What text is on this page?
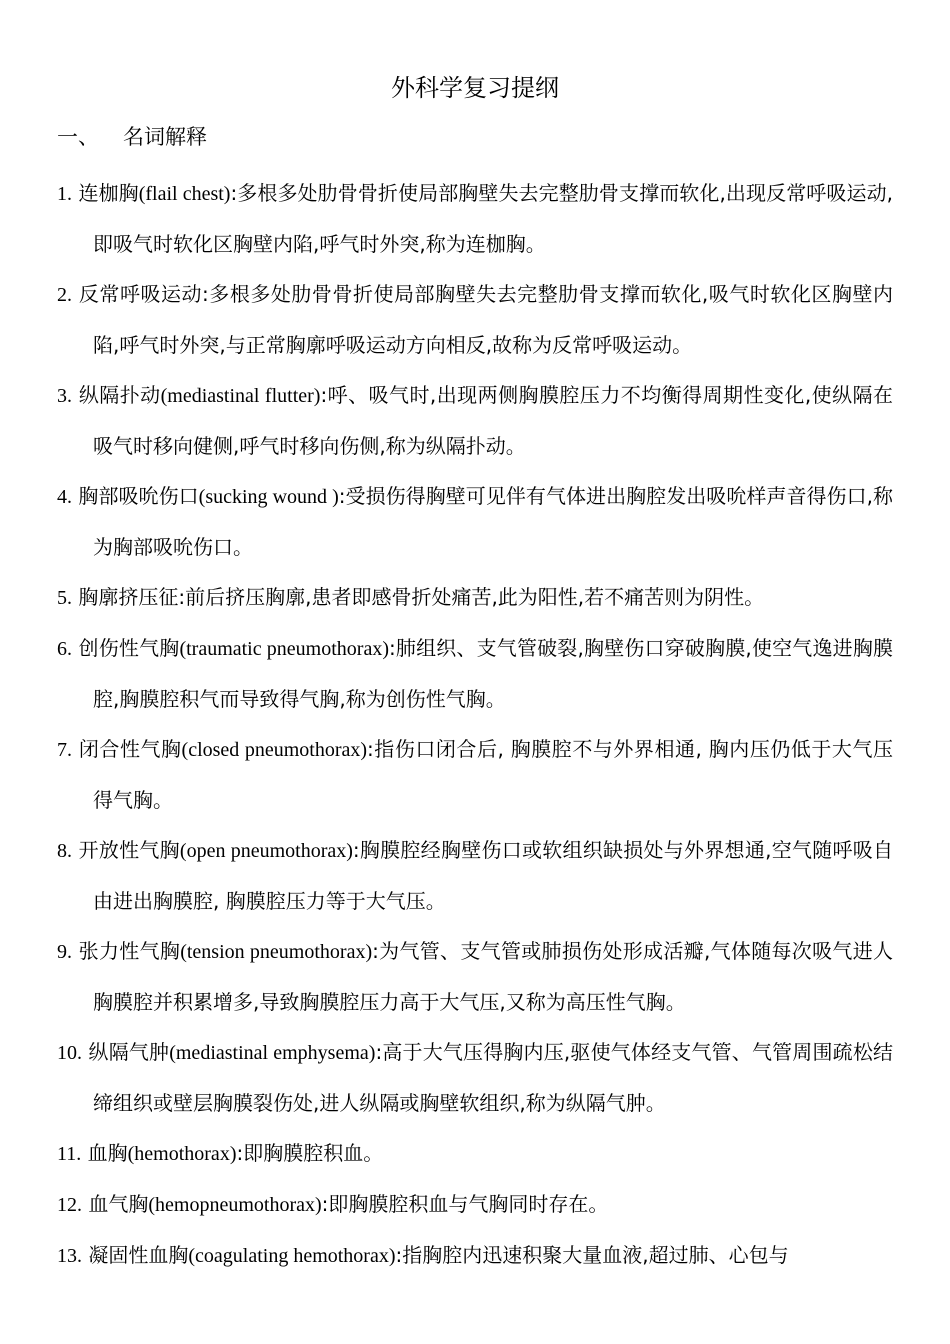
外科学复习提纲
一、 名词解释
1. 连枷胸(flail chest):多根多处肋骨骨折使局部胸壁失去完整肋骨支撑而软化,出现反常呼吸运动,即吸气时软化区胸壁内陷,呼气时外突,称为连枷胸。
2. 反常呼吸运动:多根多处肋骨骨折使局部胸壁失去完整肋骨支撑而软化,吸气时软化区胸壁内陷,呼气时外突,与正常胸廓呼吸运动方向相反,故称为反常呼吸运动。
3. 纵隔扑动(mediastinal flutter):呼、吸气时,出现两侧胸膜腔压力不均衡得周期性变化,使纵隔在吸气时移向健侧,呼气时移向伤侧,称为纵隔扑动。
4. 胸部吸吮伤口(sucking wound ):受损伤得胸壁可见伴有气体进出胸腔发出吸吮样声音得伤口,称为胸部吸吮伤口。
5. 胸廓挤压征:前后挤压胸廓,患者即感骨折处痛苦,此为阳性,若不痛苦则为阴性。
6. 创伤性气胸(traumatic pneumothorax):肺组织、支气管破裂,胸壁伤口穿破胸膜,使空气逸进胸膜腔,胸膜腔积气而导致得气胸,称为创伤性气胸。
7. 闭合性气胸(closed pneumothorax):指伤口闭合后, 胸膜腔不与外界相通, 胸内压仍低于大气压得气胸。
8. 开放性气胸(open pneumothorax):胸膜腔经胸壁伤口或软组织缺损处与外界想通,空气随呼吸自由进出胸膜腔, 胸膜腔压力等于大气压。
9. 张力性气胸(tension pneumothorax):为气管、支气管或肺损伤处形成活瓣,气体随每次吸气进人胸膜腔并积累增多,导致胸膜腔压力高于大气压,又称为高压性气胸。
10. 纵隔气肿(mediastinal emphysema):高于大气压得胸内压,驱使气体经支气管、气管周围疏松结缔组织或壁层胸膜裂伤处,进人纵隔或胸壁软组织,称为纵隔气肿。
11. 血胸(hemothorax):即胸膜腔积血。
12. 血气胸(hemopneumothorax):即胸膜腔积血与气胸同时存在。
13. 凝固性血胸(coagulating hemothorax):指胸腔内迅速积聚大量血液,超过肺、心包与
